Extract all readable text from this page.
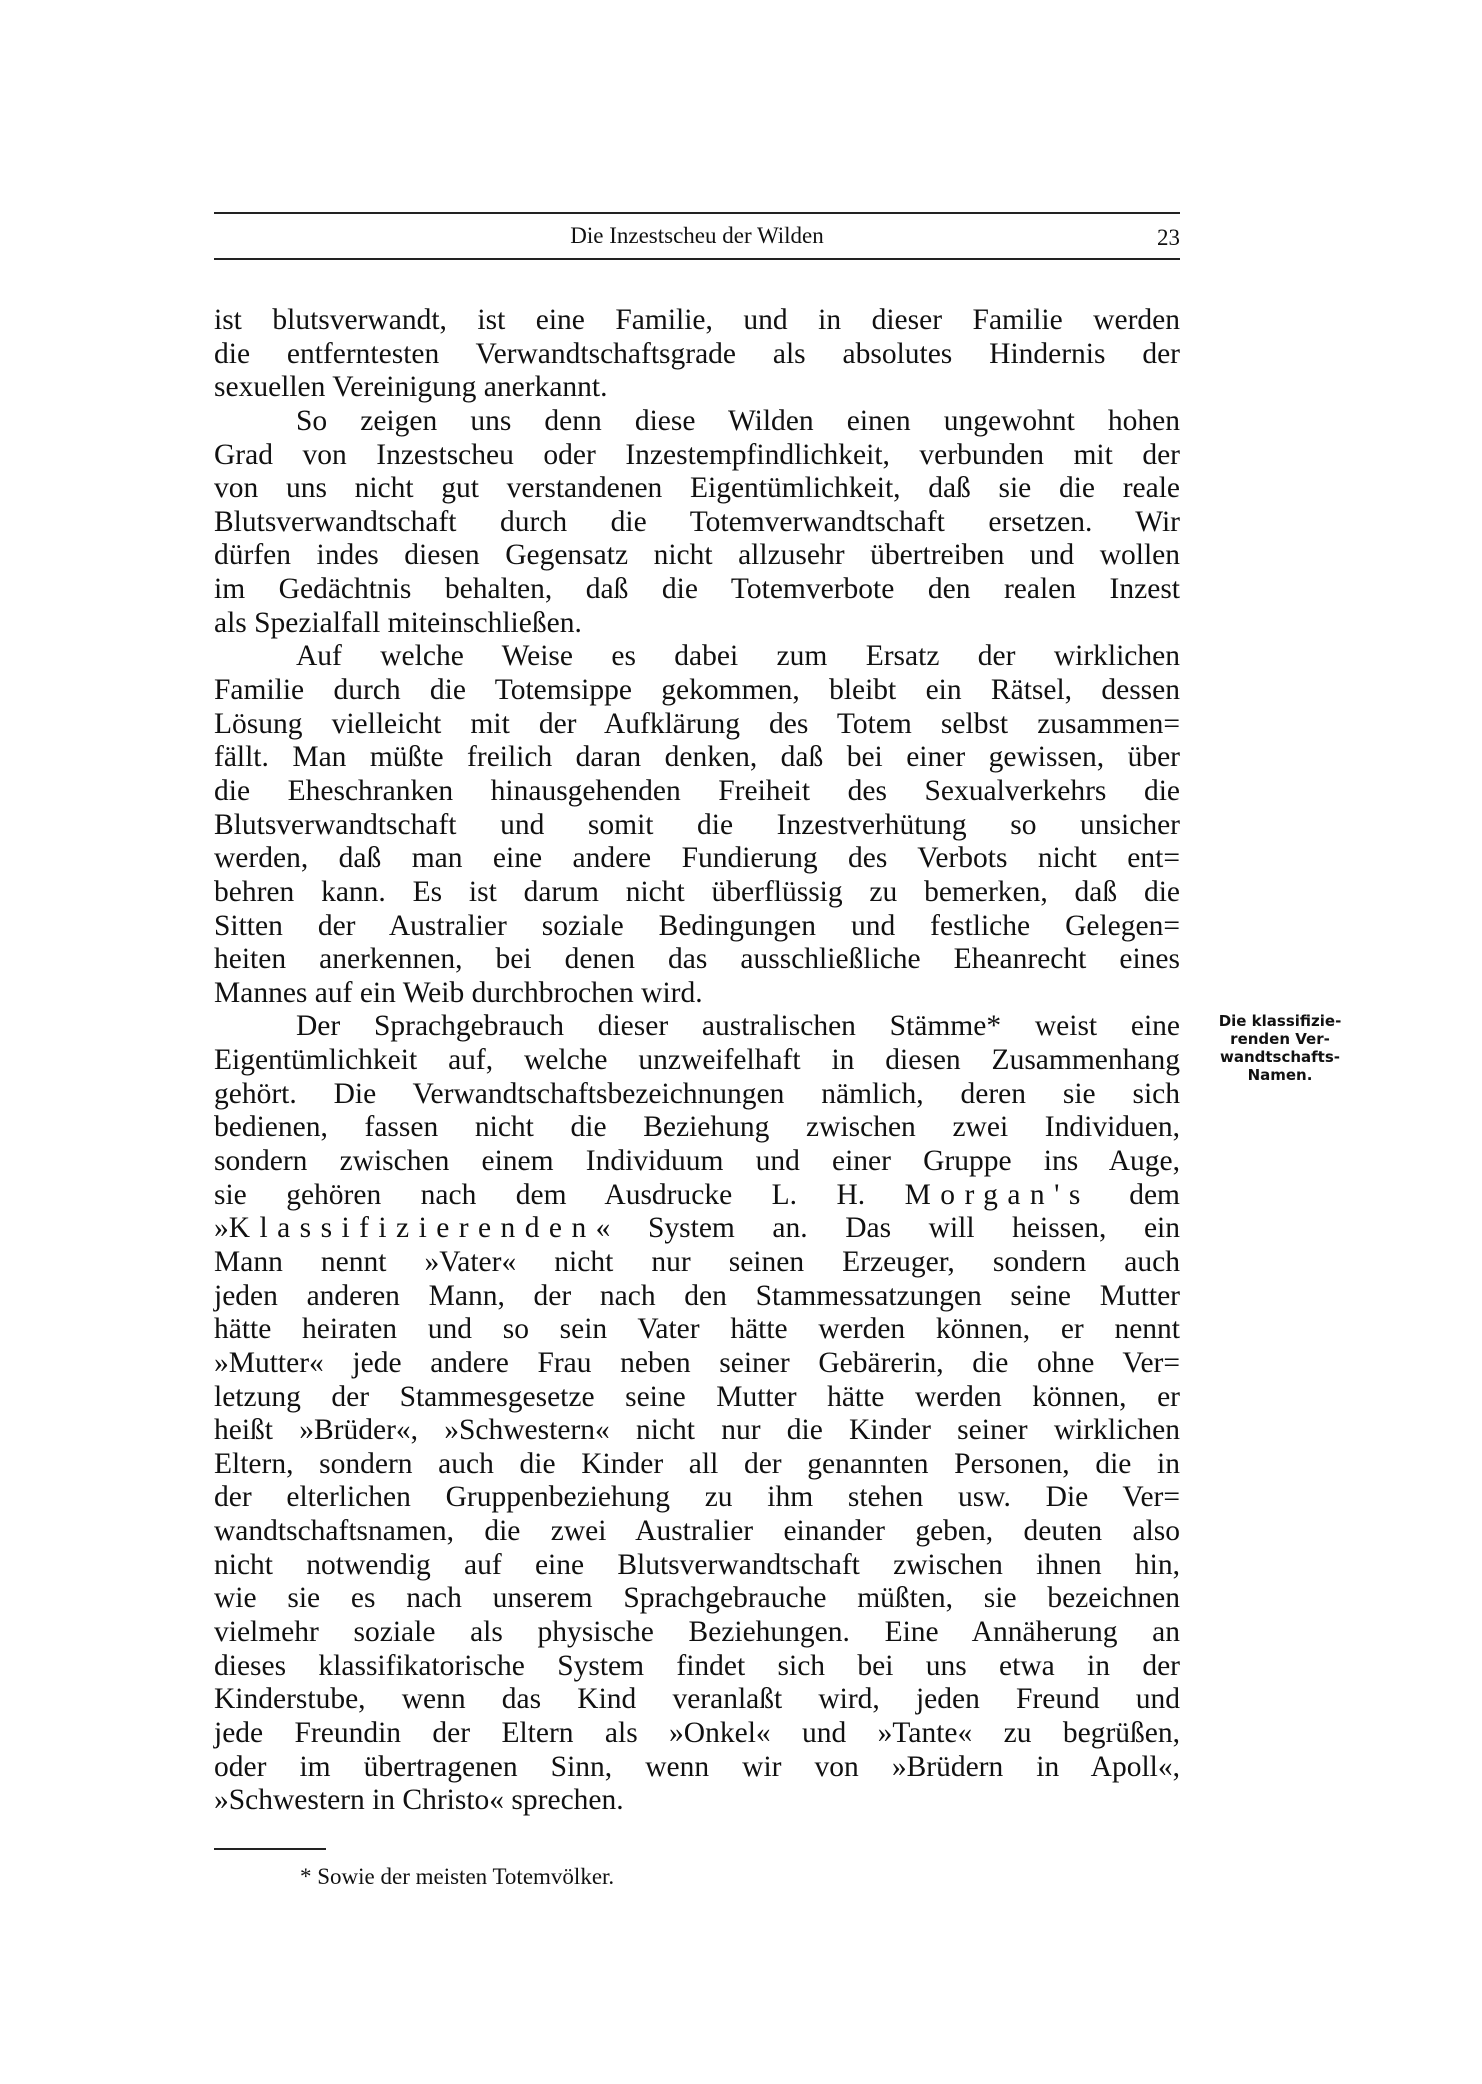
Die Inzestscheu der Wilden	23
ist blutsverwandt, ist eine Familie, und in dieser Familie werden
die entferntesten Verwandtschaftsgrade als absolutes Hindernis der
sexuellen Vereinigung anerkannt.
So zeigen uns denn diese Wilden einen ungewohnt hohen
Grad von Inzestscheu oder Inzestempfindlichkeit, verbunden mit der
von uns nicht gut verstandenen Eigentümlichkeit, daß sie die reale
Blutsverwandtschaft durch die Totemverwandtschaft ersetzen. Wir
dürfen indes diesen Gegensatz nicht allzusehr übertreiben und wollen
im Gedächtnis behalten, daß die Totemverbote den realen Inzest
als Spezialfall miteinschließen.
Auf welche Weise es dabei zum Ersatz der wirklichen
Familie durch die Totemsippe gekommen, bleibt ein Rätsel, dessen
Lösung vielleicht mit der Aufklärung des Totem selbst zusammen=
fällt. Man müßte freilich daran denken, daß bei einer gewissen, über
die Eheschranken hinausgehenden Freiheit des Sexualverkehrs die
Blutsverwandtschaft und somit die Inzestverhütung so unsicher
werden, daß man eine andere Fundierung des Verbots nicht ent=
behren kann. Es ist darum nicht überflüssig zu bemerken, daß die
Sitten der Australier soziale Bedingungen und festliche Gelegen=
heiten anerkennen, bei denen das ausschließliche Eheanrecht eines
Mannes auf ein Weib durchbrochen wird.
Der Sprachgebrauch dieser australischen Stämme* weist eine
Eigentümlichkeit auf, welche unzweifelhaft in diesen Zusammenhang
gehört. Die Verwandtschaftsbezeichnungen nämlich, deren sie sich
bedienen, fassen nicht die Beziehung zwischen zwei Individuen,
sondern zwischen einem Individuum und einer Gruppe ins Auge,
sie gehören nach dem Ausdrucke L. H. Morgan's dem
»Klassifizierenden« System an. Das will heissen, ein
Mann nennt »Vater« nicht nur seinen Erzeuger, sondern auch
jeden anderen Mann, der nach den Stammessatzungen seine Mutter
hätte heiraten und so sein Vater hätte werden können, er nennt
»Mutter« jede andere Frau neben seiner Gebärerin, die ohne Ver=
letzung der Stammesgesetze seine Mutter hätte werden können, er
heißt »Brüder«, »Schwestern« nicht nur die Kinder seiner wirklichen
Eltern, sondern auch die Kinder all der genannten Personen, die in
der elterlichen Gruppenbeziehung zu ihm stehen usw. Die Ver=
wandtschaftsnamen, die zwei Australier einander geben, deuten also
nicht notwendig auf eine Blutsverwandtschaft zwischen ihnen hin,
wie sie es nach unserem Sprachgebrauche müßten, sie bezeichnen
vielmehr soziale als physische Beziehungen. Eine Annäherung an
dieses klassifikatorische System findet sich bei uns etwa in der
Kinderstube, wenn das Kind veranlaßt wird, jeden Freund und
jede Freundin der Eltern als »Onkel« und »Tante« zu begrüßen,
oder im übertragenen Sinn, wenn wir von »Brüdern in Apoll«,
»Schwestern in Christo« sprechen.
Die klassifizie-
renden Ver-
wandtschafts-
Namen.
* Sowie der meisten Totemvölker.
